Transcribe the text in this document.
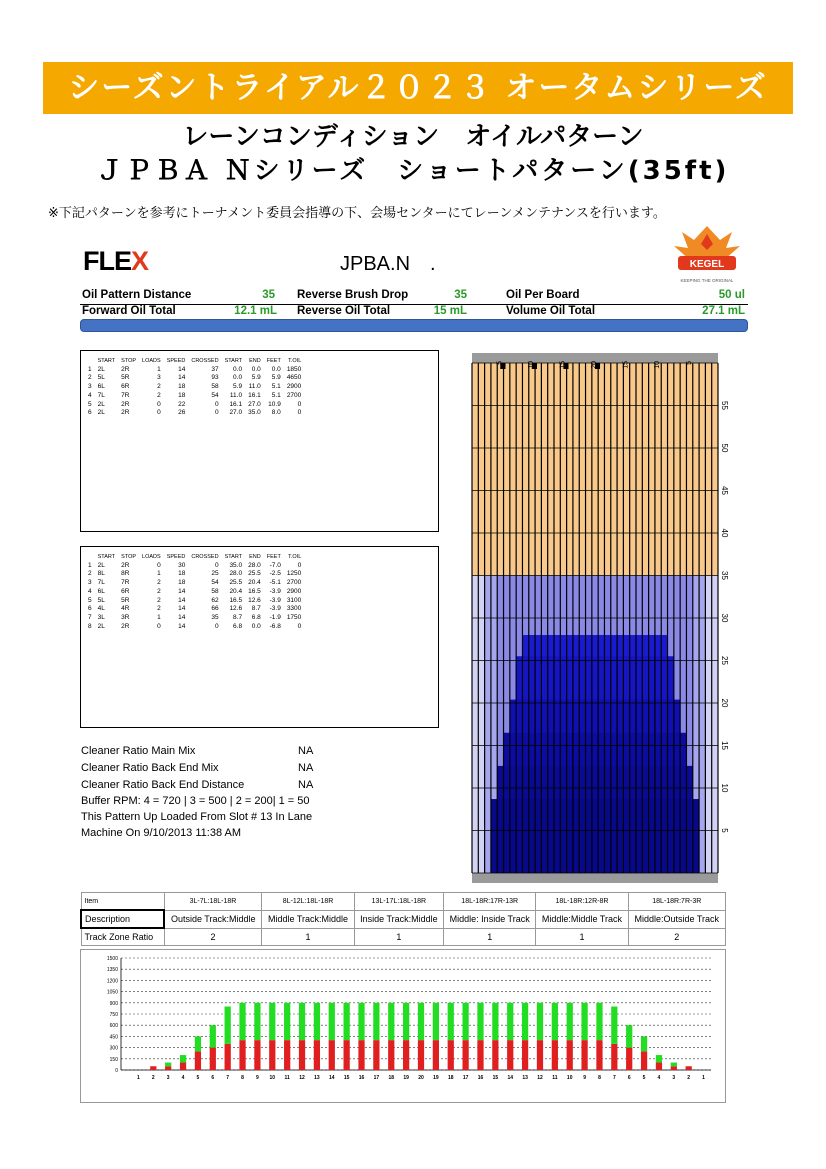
シーズントライアル２０２３ オータムシリーズ
レーンコンディション　オイルパターン
ＪＰＢＡ Ｎシリーズ　ショートパターン(35ft)
※下記パターンを参考にトーナメント委員会指導の下、会場センターにてレーンメンテナンスを行います。
FLEX	JPBA.N　.	KEGEL
KEEPING THE ORIGINAL
Oil Pattern Distance	35 Reverse Brush Drop	35	Oil Per Board	50 ul
Forward Oil Total	12.1 mL Reverse Oil Total	15 mL	Volume Oil Total	27.1 mL
	START	STOP	LOADS	SPEED	CROSSED	START	END	FEET	T.OIL
1	2L	2R	1	14	37	0.0	0.0	0.0	1850
2	5L	5R	3	14	93	0.0	5.9	5.9	4650
3	6L	6R	2	18	58	5.9	11.0	5.1	2900
4	7L	7R	2	18	54	11.0	16.1	5.1	2700
5	2L	2R	0	22	0	16.1	27.0	10.9	0
6	2L	2R	0	26	0	27.0	35.0	8.0	0
	START	STOP	LOADS	SPEED	CROSSED	START	END	FEET	T.OIL
1	2L	2R	0	30	0	35.0	28.0	-7.0	0
2	8L	8R	1	18	25	28.0	25.5	-2.5	1250
3	7L	7R	2	18	54	25.5	20.4	-5.1	2700
4	6L	6R	2	14	58	20.4	16.5	-3.9	2900
5	5L	5R	2	14	62	16.5	12.6	-3.9	3100
6	4L	4R	2	14	66	12.6	8.7	-3.9	3300
7	3L	3R	1	14	35	8.7	6.8	-1.9	1750
8	2L	2R	0	14	0	6.8	0.0	-6.8	0
Cleaner Ratio Main Mix	NA
Cleaner Ratio Back End Mix	NA
Cleaner Ratio Back End Distance	NA
Buffer RPM: 4 = 720 | 3 = 500 | 2 = 200| 1 = 50
This Pattern Up Loaded From Slot # 13 In Lane
Machine On 9/10/2013 11:38 AM
5	10	15	20	15	10	5
55
50
45
40
35
30
25
20
15
10
5
Item	3L-7L:18L-18R	8L-12L:18L-18R	13L-17L:18L-18R	18L-18R:17R-13R	18L-18R:12R-8R	18L-18R:7R-3R
Description	Outside Track:Middle	Middle Track:Middle	Inside Track:Middle	Middle: Inside Track	Middle:Middle Track	Middle:Outside Track
Track Zone Ratio	2	1	1	1	1	2
0
150
300
450
600
750
900
1050
1200
1350
1500
1 2 3 4 5 6 7 8 9 10 11 12 13 14 15 16 17 18 19 20 19 18 17 16 15 14 13 12 11 10 9 8 7 6 5 4 3 2 1
